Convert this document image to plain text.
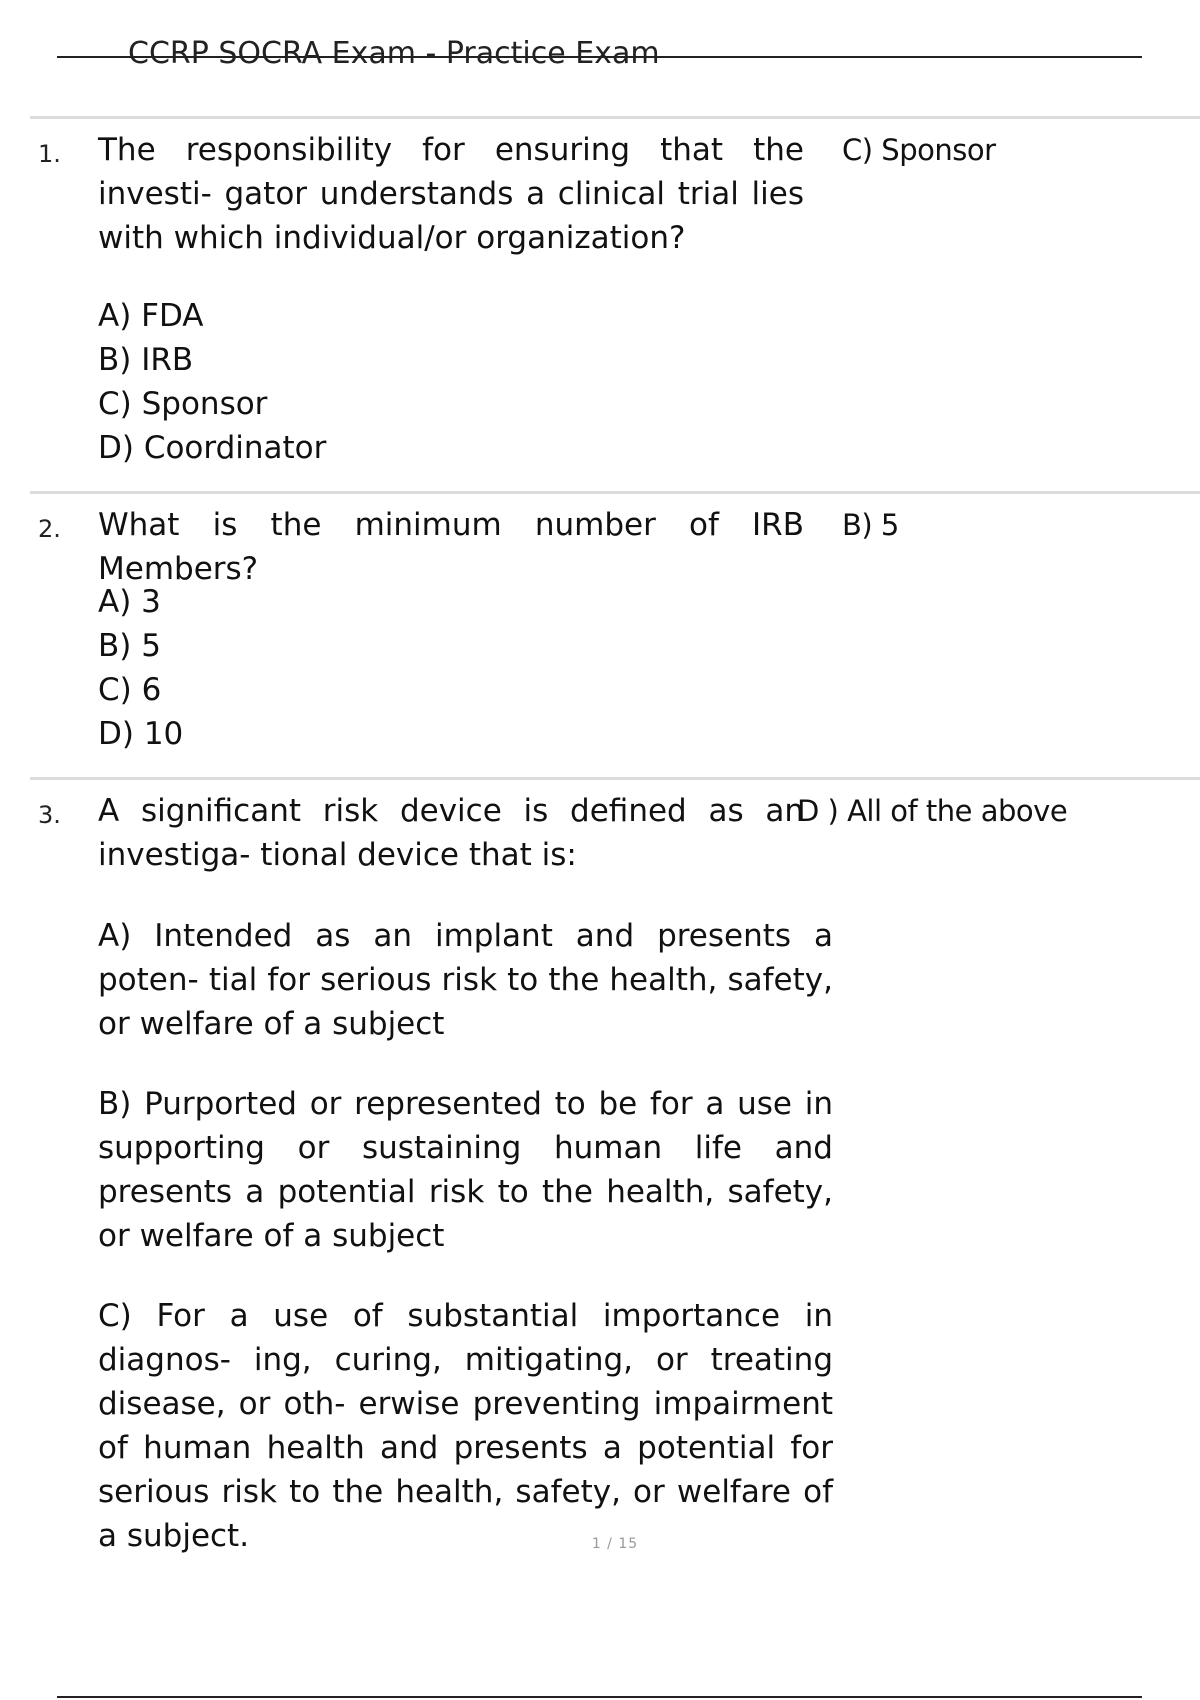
CCRP SOCRA Exam - Practice Exam
1. The responsibility for ensuring that the investi- gator understands a clinical trial lies with which individual/or organization?
C) Sponsor
A) FDA
B) IRB
C) Sponsor
D) Coordinator
2. What is the minimum number of IRB Members?
B) 5
A) 3
B) 5
C) 6
D) 10
3. A significant risk device is defined as an investiga- tional device that is:
D ) All of the above

A) Intended as an implant and presents a poten- tial for serious risk to the health, safety, or welfare of a subject

B) Purported or represented to be for a use in supporting or sustaining human life and presents a potential risk to the health, safety, or welfare of a subject

C) For a use of substantial importance in diagnos- ing, curing, mitigating, or treating disease, or oth- erwise preventing impairment of human health and presents a potential for serious risk to the health, safety, or welfare of a subject.	1 / 15
